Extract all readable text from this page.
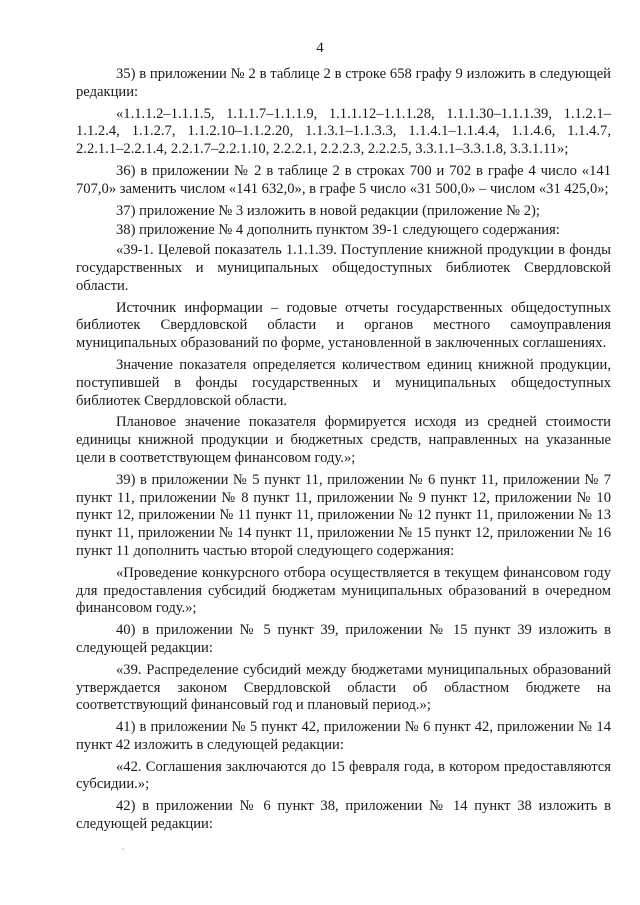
4

35) в приложении № 2 в таблице 2 в строке 658 графу 9 изложить в следующей редакции:

«1.1.1.2–1.1.1.5, 1.1.1.7–1.1.1.9, 1.1.1.12–1.1.1.28, 1.1.1.30–1.1.1.39, 1.1.2.1–1.1.2.4, 1.1.2.7, 1.1.2.10–1.1.2.20, 1.1.3.1–1.1.3.3, 1.1.4.1–1.1.4.4, 1.1.4.6, 1.1.4.7, 2.2.1.1–2.2.1.4, 2.2.1.7–2.2.1.10, 2.2.2.1, 2.2.2.3, 2.2.2.5, 3.3.1.1–3.3.1.8, 3.3.1.11»;

36) в приложении № 2 в таблице 2 в строках 700 и 702 в графе 4 число «141 707,0» заменить числом «141 632,0», в графе 5 число «31 500,0» – числом «31 425,0»;

37) приложение № 3 изложить в новой редакции (приложение № 2);

38) приложение № 4 дополнить пунктом 39-1 следующего содержания:

«39-1. Целевой показатель 1.1.1.39. Поступление книжной продукции в фонды государственных и муниципальных общедоступных библиотек Свердловской области.

Источник информации – годовые отчеты государственных общедоступных библиотек Свердловской области и органов местного самоуправления муниципальных образований по форме, установленной в заключенных соглашениях.

Значение показателя определяется количеством единиц книжной продукции, поступившей в фонды государственных и муниципальных общедоступных библиотек Свердловской области.

Плановое значение показателя формируется исходя из средней стоимости единицы книжной продукции и бюджетных средств, направленных на указанные цели в соответствующем финансовом году.»;

39) в приложении № 5 пункт 11, приложении № 6 пункт 11, приложении № 7 пункт 11, приложении № 8 пункт 11, приложении № 9 пункт 12, приложении № 10 пункт 12, приложении № 11 пункт 11, приложении № 12 пункт 11, приложении № 13 пункт 11, приложении № 14 пункт 11, приложении № 15 пункт 12, приложении № 16 пункт 11 дополнить частью второй следующего содержания:

«Проведение конкурсного отбора осуществляется в текущем финансовом году для предоставления субсидий бюджетам муниципальных образований в очередном финансовом году.»;

40) в приложении № 5 пункт 39, приложении № 15 пункт 39 изложить в следующей редакции:

«39. Распределение субсидий между бюджетами муниципальных образований утверждается законом Свердловской области об областном бюджете на соответствующий финансовый год и плановый период.»;

41) в приложении № 5 пункт 42, приложении № 6 пункт 42, приложении № 14 пункт 42 изложить в следующей редакции:

«42. Соглашения заключаются до 15 февраля года, в котором предоставляются субсидии.»;

42) в приложении № 6 пункт 38, приложении № 14 пункт 38 изложить в следующей редакции:
